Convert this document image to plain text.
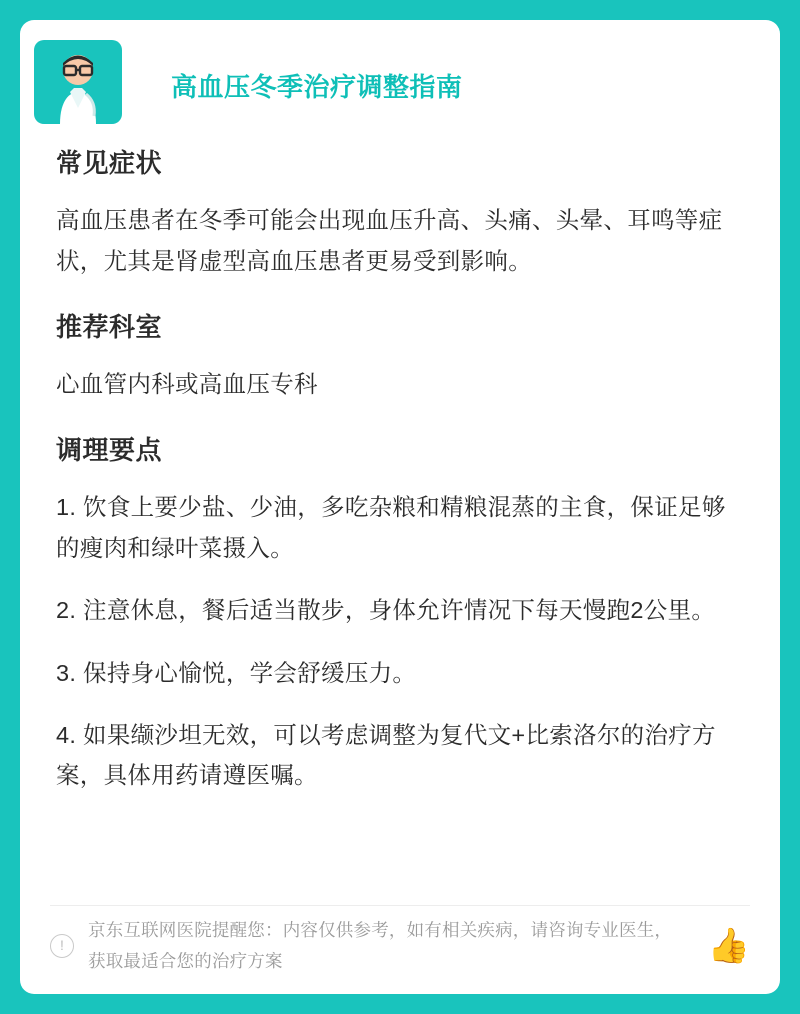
高血压冬季治疗调整指南
常见症状

高血压患者在冬季可能会出现血压升高、头痛、头晕、耳鸣等症状，尤其是肾虚型高血压患者更易受到影响。

推荐科室

心血管内科或高血压专科

调理要点

1. 饮食上要少盐、少油，多吃杂粮和精粮混蒸的主食，保证足够的瘦肉和绿叶菜摄入。

2. 注意休息，餐后适当散步，身体允许情况下每天慢跑2公里。

3. 保持身心愉悦，学会舒缓压力。

4. 如果缬沙坦无效，可以考虑调整为复代文+比索洛尔的治疗方案，具体用药请遵医嘱。

!
京东互联网医院提醒您：内容仅供参考，如有相关疾病，请咨询专业医生，获取最适合您的治疗方案	👍
